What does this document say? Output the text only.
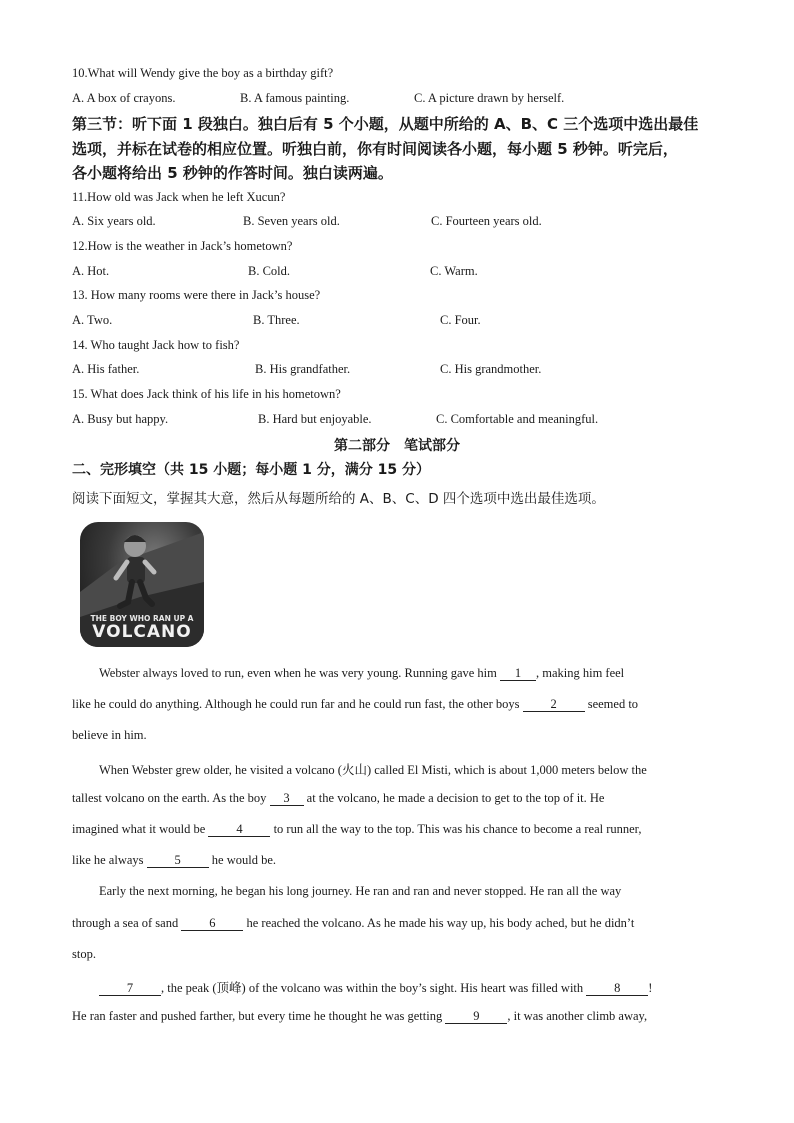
10.What will Wendy give the boy as a birthday gift?
A. A box of crayons.	B. A famous painting.	C. A picture drawn by herself.
第三节：听下面 1 段独白。独白后有 5 个小题，从题中所给的 A、B、C 三个选项中选出最佳
选项，并标在试卷的相应位置。听独白前，你有时间阅读各小题，每小题 5 秒钟。听完后，
各小题将给出 5 秒钟的作答时间。独白读两遍。
11.How old was Jack when he left Xucun?
A. Six years old.	B. Seven years old.	C. Fourteen years old.
12.How is the weather in Jack’s hometown?
A. Hot.	B. Cold.	C. Warm.
13. How many rooms were there in Jack’s house?
A. Two.	B. Three.	C. Four.
14. Who taught Jack how to fish?
A. His father.	B. His grandfather.	C. His grandmother.
15. What does Jack think of his life in his hometown?
A. Busy but happy.	B. Hard but enjoyable.	C. Comfortable and meaningful.
第二部分　笔试部分
二、完形填空（共 15 小题；每小题 1 分，满分 15 分）
阅读下面短文，掌握其大意，然后从每题所给的 A、B、C、D 四个选项中选出最佳选项。
THE BOY WHO RAN UP A
VOLCANO
Webster always loved to run, even when he was very young. Running gave him 1 , making him feel
like he could do anything. Although he could run far and he could run fast, the other boys 2 seemed to
believe in him.
When Webster grew older, he visited a volcano (火山) called El Misti, which is about 1,000 meters below the
tallest volcano on the earth. As the boy 3 at the volcano, he made a decision to get to the top of it. He
imagined what it would be 4 to run all the way to the top. This was his chance to become a real runner,
like he always 5 he would be.
Early the next morning, he began his long journey. He ran and ran and never stopped. He ran all the way
through a sea of sand 6 he reached the volcano. As he made his way up, his body ached, but he didn’t
stop.
7 , the peak (顶峰) of the volcano was within the boy’s sight. His heart was filled with 8 !
He ran faster and pushed farther, but every time he thought he was getting 9 , it was another climb away,
